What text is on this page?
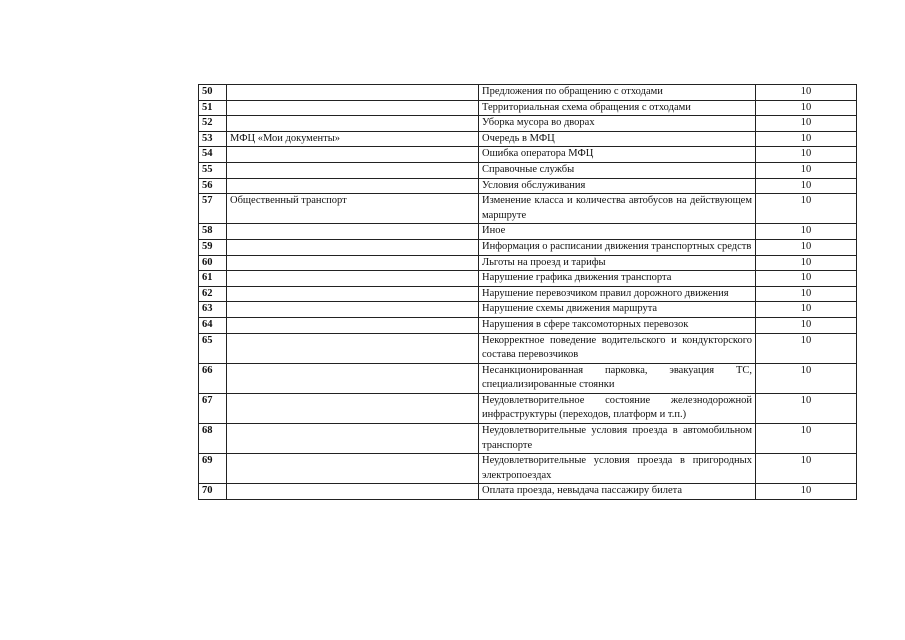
50		Предложения по обращению с отходами	10
51		Территориальная схема обращения с отходами	10
52		Уборка мусора во дворах	10
53	МФЦ «Мои документы»	Очередь в МФЦ	10
54		Ошибка оператора МФЦ	10
55		Справочные службы	10
56		Условия обслуживания	10
57	Общественный транспорт	Изменение класса и количества автобусов на действующем маршруте	10
58		Иное	10
59		Информация о расписании движения транспортных средств	10
60		Льготы на проезд и тарифы	10
61		Нарушение графика движения транспорта	10
62		Нарушение перевозчиком правил дорожного движения	10
63		Нарушение схемы движения маршрута	10
64		Нарушения в сфере таксомоторных перевозок	10
65		Некорректное поведение водительского и кондукторского состава перевозчиков	10
66		Несанкционированная парковка, эвакуация ТС, специализированные стоянки	10
67		Неудовлетворительное состояние железнодорожной инфраструктуры (переходов, платформ и т.п.)	10
68		Неудовлетворительные условия проезда в автомобильном транспорте	10
69		Неудовлетворительные условия проезда в пригородных электропоездах	10
70		Оплата проезда, невыдача пассажиру билета	10
